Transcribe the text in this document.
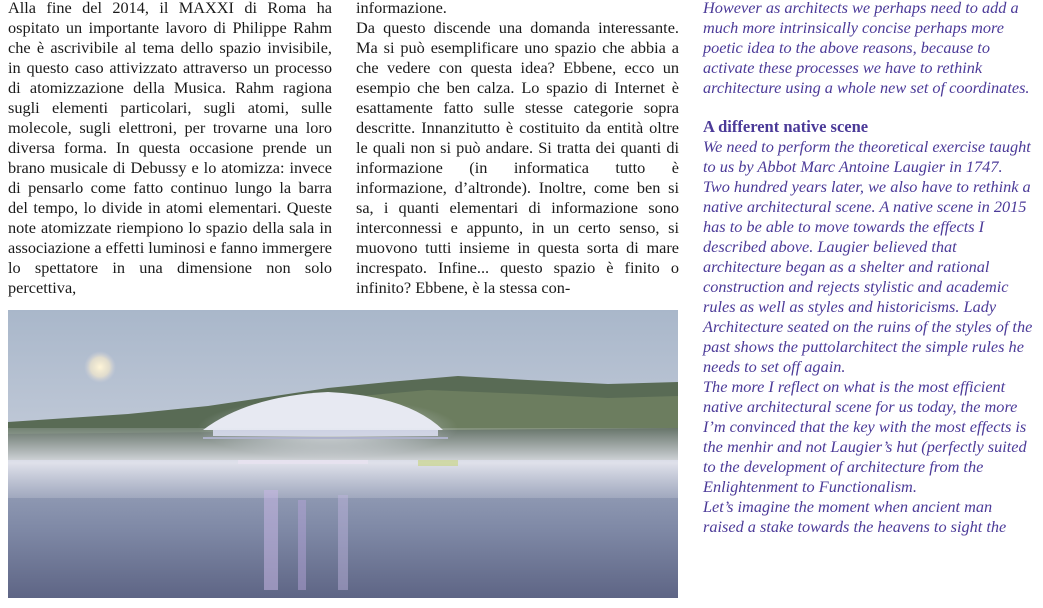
Alla fine del 2014, il MAXXI di Roma ha ospitato un importante lavoro di Philippe Rahm che è ascrivibile al tema dello spazio invisibile, in questo caso attivizzato attraverso un processo di atomizzazione della Musica. Rahm ragiona sugli elementi particolari, sugli atomi, sulle molecole, sugli elettroni, per trovarne una loro diversa forma. In questa occasione prende un brano musicale di Debussy e lo atomizza: invece di pensarlo come fatto continuo lungo la barra del tempo, lo divide in atomi elementari. Queste note atomizzate riempiono lo spazio della sala in associazione a effetti luminosi e fanno immergere lo spettatore in una dimensione non solo percettiva,

informazione.

Da questo discende una domanda interessante. Ma si può esemplificare uno spazio che abbia a che vedere con questa idea? Ebbene, ecco un esempio che ben calza. Lo spazio di Internet è esattamente fatto sulle stesse categorie sopra descritte. Innanzitutto è costituito da entità oltre le quali non si può andare. Si tratta dei quanti di informazione (in informatica tutto è informazione, d’altronde). Inoltre, come ben si sa, i quanti elementari di informazione sono interconnessi e appunto, in un certo senso, si muovono tutti insieme in questa sorta di mare increspato. Infine... questo spazio è finito o infinito? Ebbene, è la stessa con-

However as architects we perhaps need to add a much more intrinsically concise perhaps more poetic idea to the above reasons, because to activate these processes we have to rethink architecture using a whole new set of coordinates.

A different native scene

We need to perform the theoretical exercise taught to us by Abbot Marc Antoine Laugier in 1747. Two hundred years later, we also have to rethink a native architectural scene. A native scene in 2015 has to be able to move towards the effects I described above. Laugier believed that architecture began as a shelter and rational construction and rejects stylistic and academic rules as well as styles and historicisms. Lady Architecture seated on the ruins of the styles of the past shows the puttolarchitect the simple rules he needs to set off again.

The more I reflect on what is the most efficient native architectural scene for us today, the more I’m convinced that the key with the most effects is the menhir and not Laugier’s hut (perfectly suited to the development of architecture from the Enlightenment to Functionalism.

Let’s imagine the moment when ancient man raised a stake towards the heavens to sight the
